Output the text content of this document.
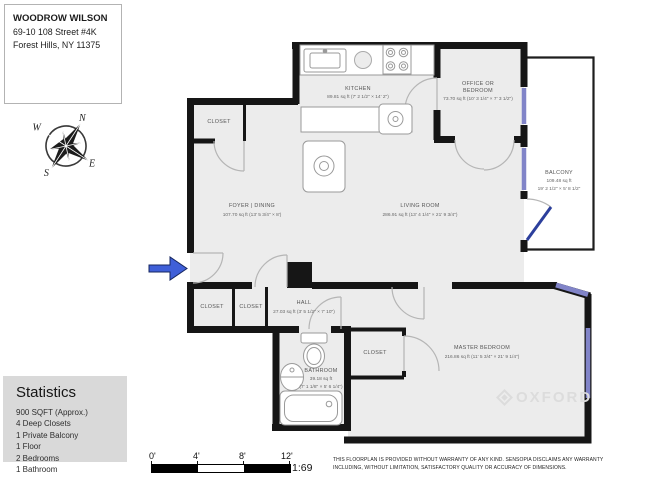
WOODROW WILSON
69-10 108 Street #4K
Forest Hills, NY 11375
N
E
S
W
KITCHEN
89.81 sq ft (7' 2 1/2" × 14' 2")
OFFICE OR
BEDROOM
73.70 sq ft (10' 3 1/4" × 7' 3 1/2")
BALCONY
109.48 sq ft
19' 2 1/2" × 5' 8 1/2"
FOYER | DINING
107.70 sq ft (13' 5 3/4" × 8')
LIVING ROOM
286.91 sq ft (13' 4 1/4" × 21' 9 3/4")
HALL
27.03 sq ft (3' 5 1/2" × 7' 10")
BATHROOM
39.18 sq ft
(7' 1 1/8" × 5' 6 1/4")
MASTER BEDROOM
216.86 sq ft (11' 5 3/4" × 21' 9 1/4")
CLOSET
CLOSET	CLOSET
CLOSET
OXFORD
Statistics
900 SQFT (Approx.)
4 Deep Closets
1 Private Balcony
1 Floor
2 Bedrooms
1 Bathroom
0'	4'	8'	12'
1:69
THIS FLOORPLAN IS PROVIDED WITHOUT WARRANTY OF ANY KIND. SENSOPIA DISCLAIMS ANY WARRANTY
INCLUDING, WITHOUT LIMITATION, SATISFACTORY QUALITY OR ACCURACY OF DIMENSIONS.
